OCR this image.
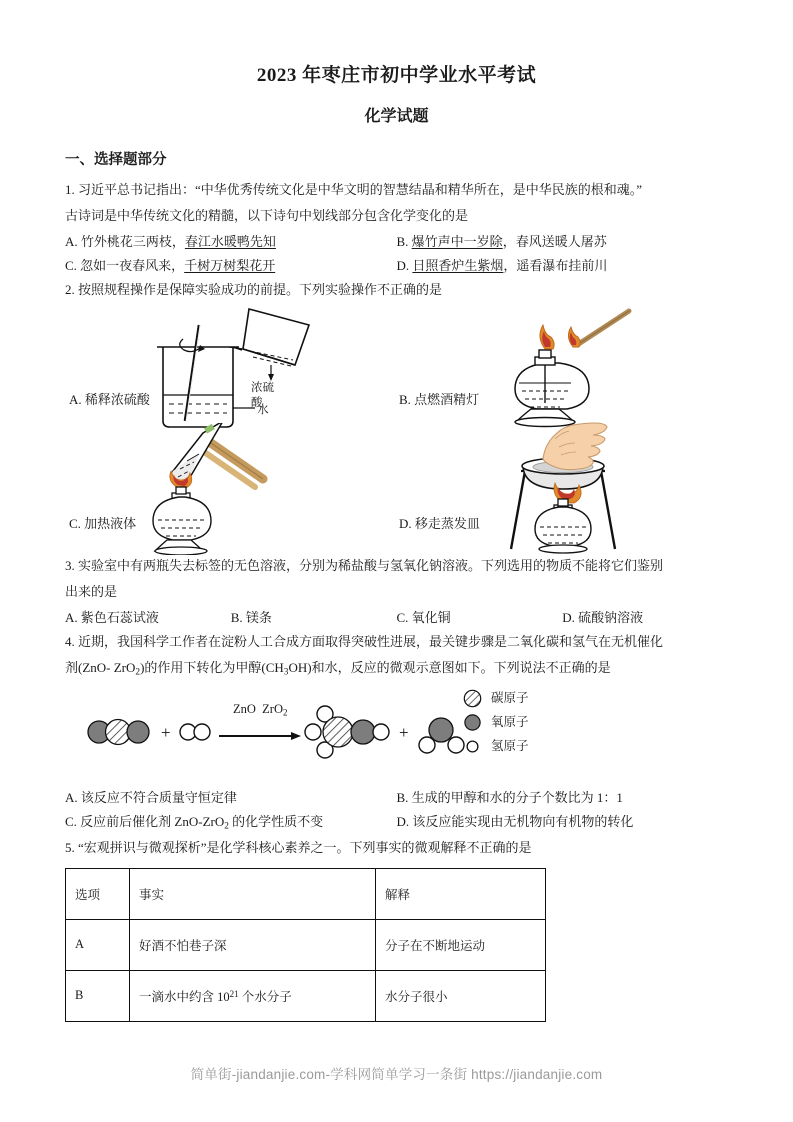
2023 年枣庄市初中学业水平考试
化学试题
一、选择题部分
1. 习近平总书记指出：“中华优秀传统文化是中华文明的智慧结晶和精华所在，是中华民族的根和魂。”
古诗词是中华传统文化的精髓，以下诗句中划线部分包含化学变化的是
A. 竹外桃花三两枝，春江水暖鸭先知	B. 爆竹声中一岁除，春风送暖人屠苏
C. 忽如一夜春风来，千树万树梨花开	D. 日照香炉生紫烟，遥看瀑布挂前川
2. 按照规程操作是保障实验成功的前提。下列实验操作不正确的是
A. 稀释浓硫酸
浓硫酸
水
B. 点燃酒精灯
C. 加热液体	D. 移走蒸发皿
3. 实验室中有两瓶失去标签的无色溶液，分别为稀盐酸与氢氧化钠溶液。下列选用的物质不能将它们鉴别
出来的是
A. 紫色石蕊试液	B. 镁条	C. 氧化铜	D. 硫酸钠溶液
4. 近期，我国科学工作者在淀粉人工合成方面取得突破性进展，最关键步骤是二氧化碳和氢气在无机催化
剂(ZnO- ZrO$_2$)的作用下转化为甲醇$(CH_3OH)$和水，反应的微观示意图如下。下列说法不正确的是
+	+
ZnO ZrO$_2$
碳原子
氧原子
氢原子
A. 该反应不符合质量守恒定律	B. 生成的甲醇和水的分子个数比为 1：1
C. 反应前后催化剂 ZnO-ZrO$_2$ 的化学性质不变	D. 该反应能实现由无机物向有机物的转化
5. “宏观拼识与微观探析”是化学科核心素养之一。下列事实的微观解释不正确的是
选项	事实	解释
A	好酒不怕巷子深	分子在不断地运动
B	一滴水中约含 $10^{21}$ 个水分子	水分子很小
简单街-jiandanjie.com-学科网简单学习一条街 https://jiandanjie.com
